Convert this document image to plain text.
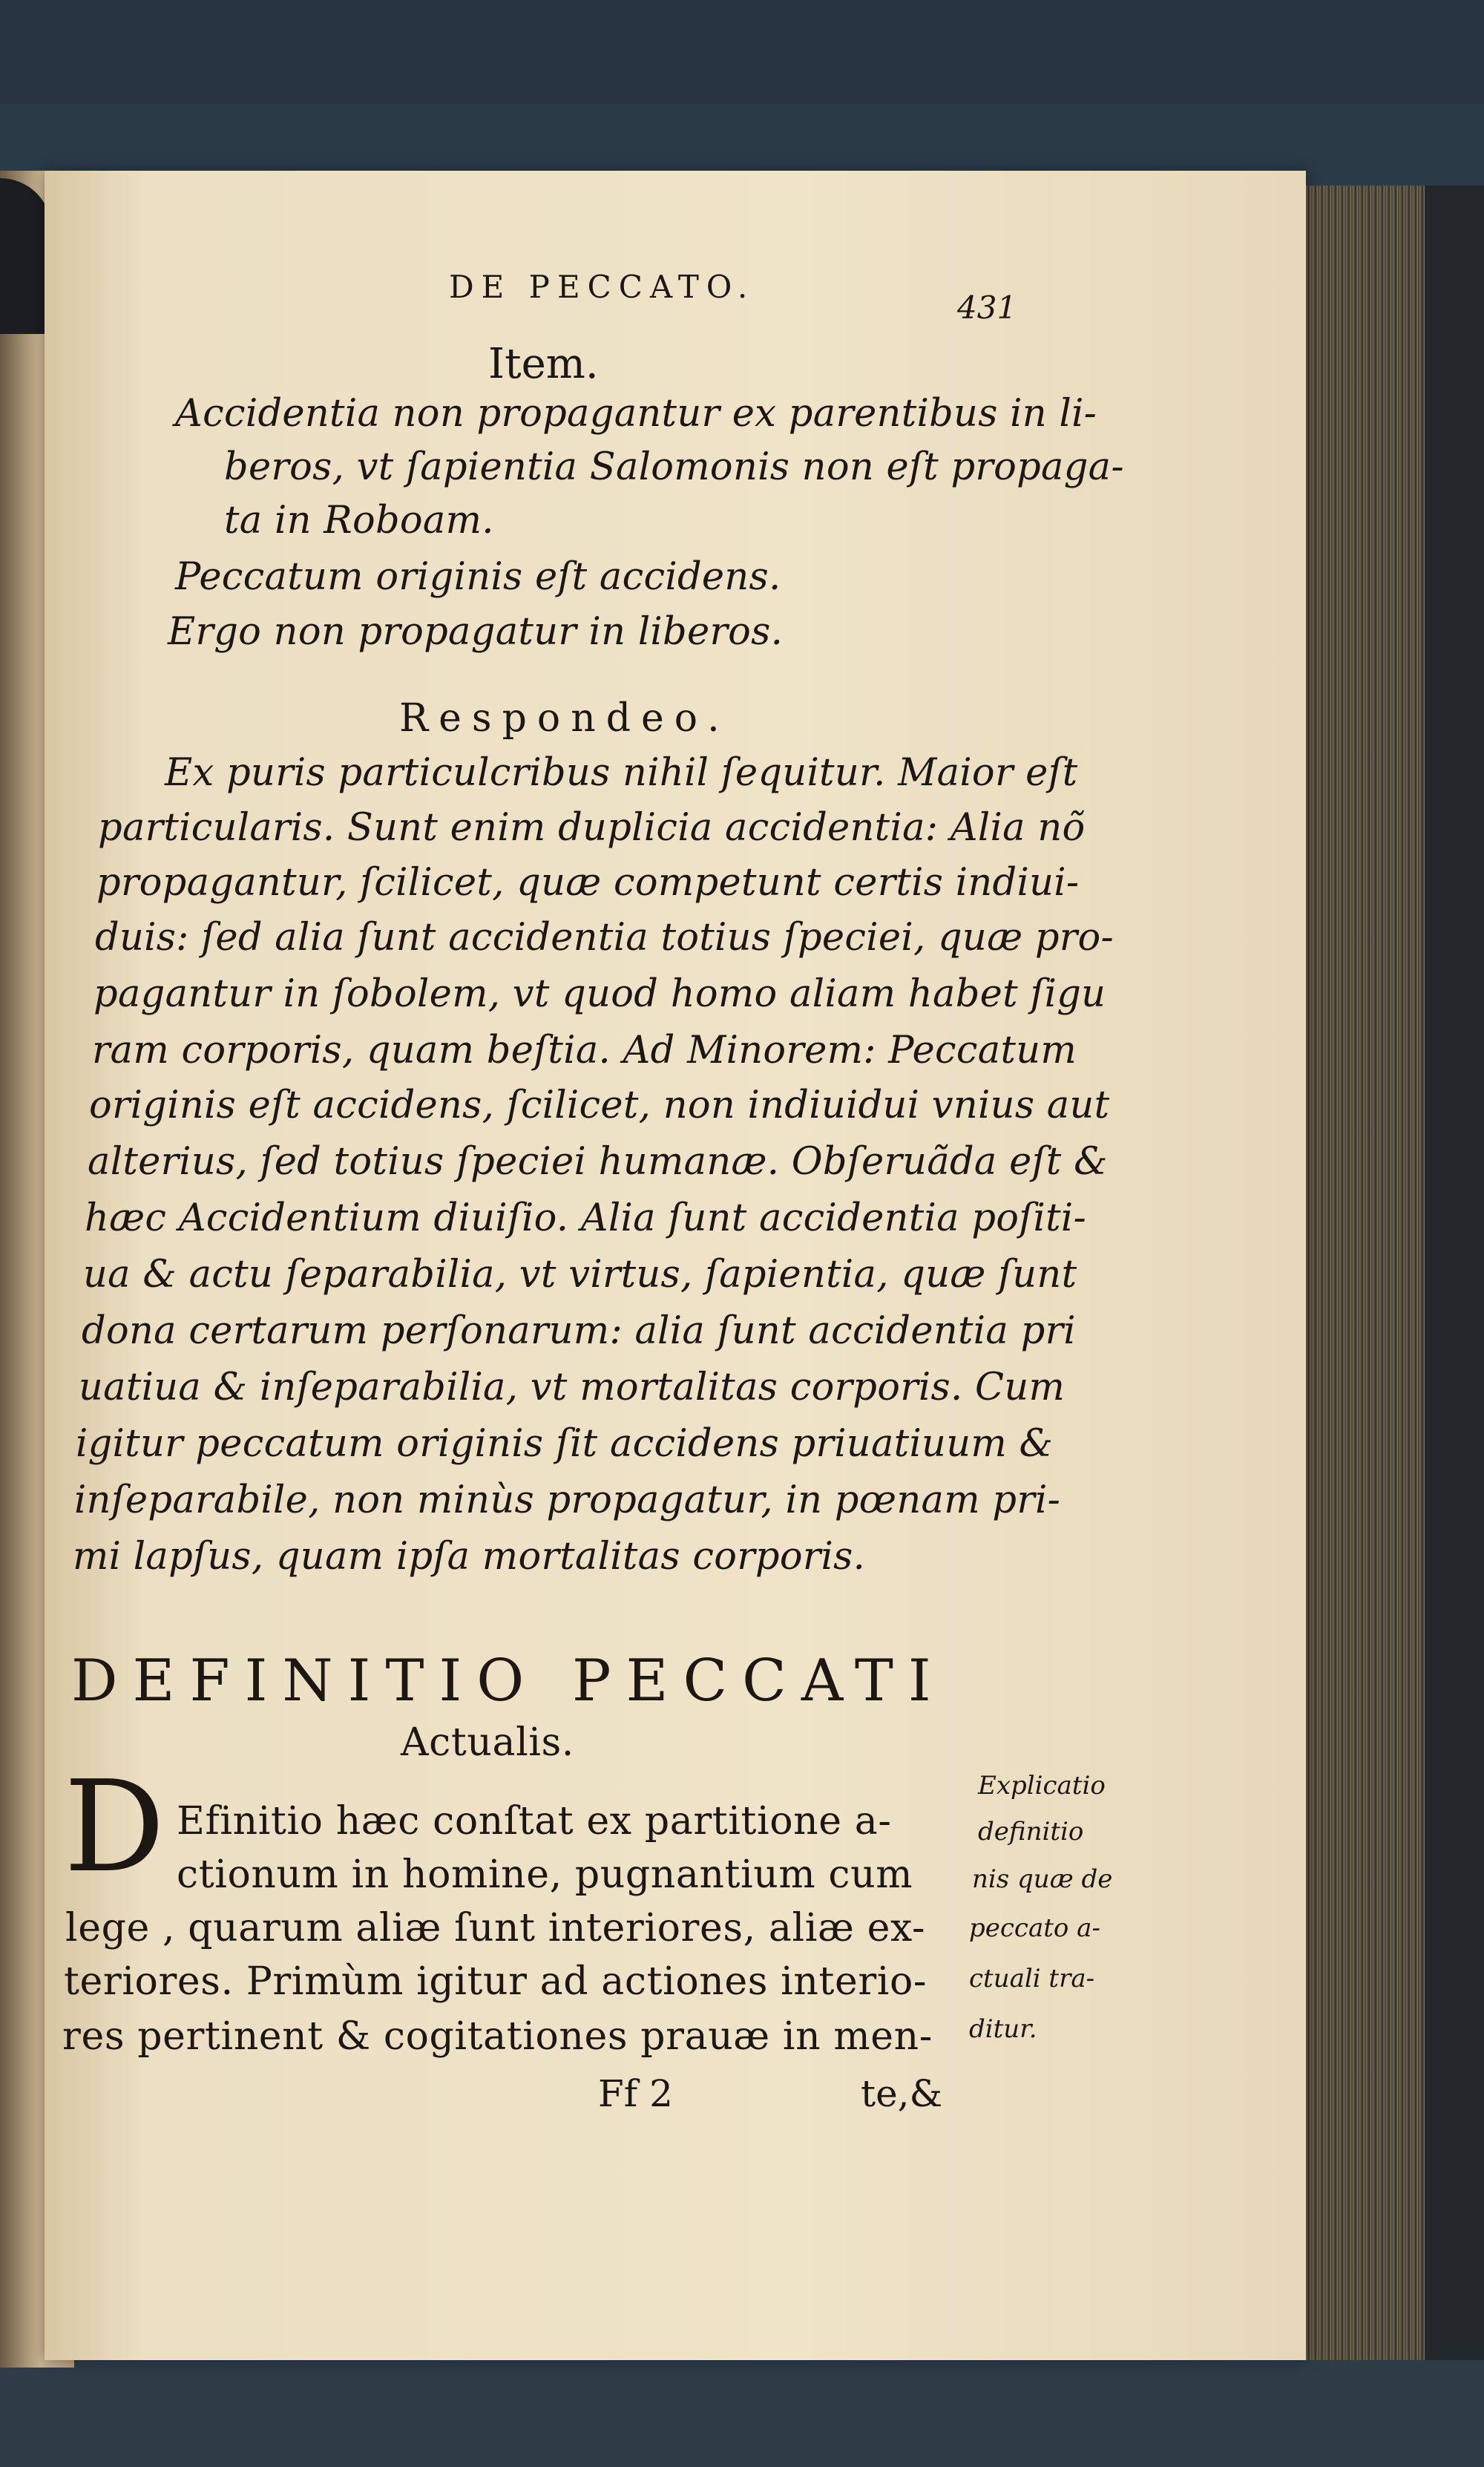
DE PECCATO.
431
Item.
Accidentia non propagantur ex parentibus in li-
beros, vt ſapientia Salomonis non eſt propaga-
ta in Roboam.
Peccatum originis eſt accidens.
Ergo non propagatur in liberos.
Respondeo.
Ex puris particulcribus nihil ſequitur. Maior eſt
particularis. Sunt enim duplicia accidentia: Alia nõ
propagantur, ſcilicet, quæ competunt certis indiui-
duis: ſed alia ſunt accidentia totius ſpeciei, quæ pro-
pagantur in ſobolem, vt quod homo aliam habet ſigu
ram corporis, quam beſtia. Ad Minorem: Peccatum
originis eſt accidens, ſcilicet, non indiuidui vnius aut
alterius, ſed totius ſpeciei humanæ. Obſeruãda eſt &
hæc Accidentium diuiſio. Alia ſunt accidentia poſiti-
ua & actu ſeparabilia, vt virtus, ſapientia, quæ ſunt
dona certarum perſonarum: alia ſunt accidentia pri
uatiua & inſeparabilia, vt mortalitas corporis. Cum
igitur peccatum originis ſit accidens priuatiuum &
inſeparabile, non minùs propagatur, in pœnam pri-
mi lapſus, quam ipſa mortalitas corporis.
DEFINITIO PECCATI
Actualis.
D Efinitio hæc conſtat ex partitione a-
ctionum in homine, pugnantium cum
lege , quarum aliæ ſunt interiores, aliæ ex-
teriores. Primùm igitur ad actiones interio-
res pertinent & cogitationes prauæ in men-
Explicatio
definitio
nis quæ de
peccato a-
ctuali tra-
ditur.
Ff 2	te,&
